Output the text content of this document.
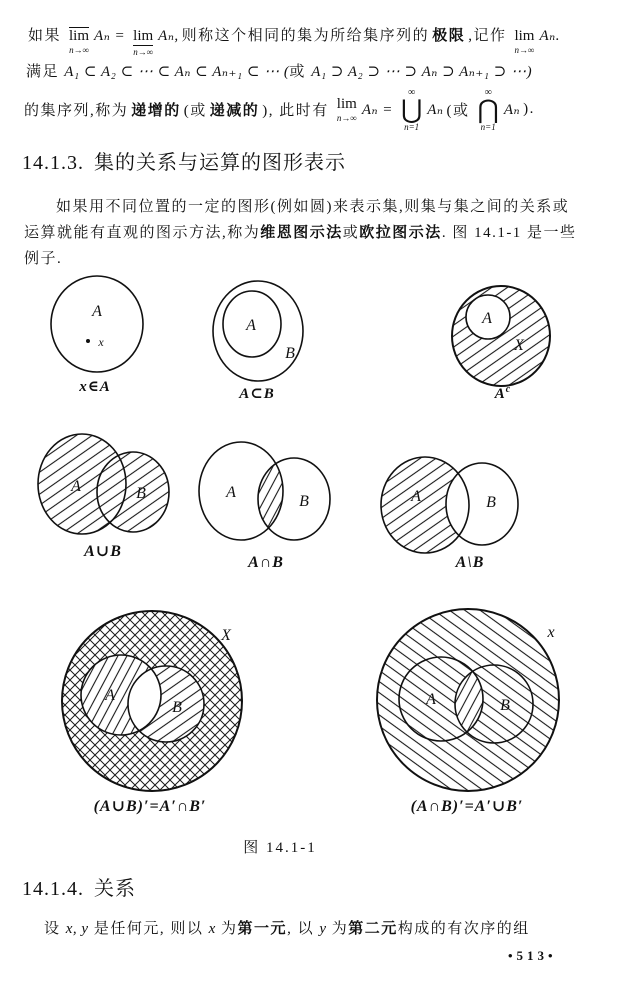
如果 lim
n→∞
Aₙ = lim
n→∞
Aₙ, 则称这个相同的集为所给集序列的 极限 ,记作 lim
n→∞
Aₙ.
满足 A₁ ⊂ A₂ ⊂ ⋯ ⊂ Aₙ ⊂ Aₙ₊₁ ⊂ ⋯ (或 A₁ ⊃ A₂ ⊃ ⋯ ⊃ Aₙ ⊃ Aₙ₊₁ ⊃ ⋯)
的集序列,称为 递增的 (或 递减的 ), 此时有 lim
n→∞ Aₙ =
∞
⋃
n=1
Aₙ (或
∞
⋂
n=1
Aₙ ).
14.1.3. 集的关系与运算的图形表示
如果用不同位置的一定的图形(例如圆)来表示集,则集与集之间的关系或
运算就能有直观的图示方法,称为维恩图示法或欧拉图示法. 图 14.1-1 是一些
例子.
A
x
x∈A
A
B
A⊂B
A
X
$A^c$
A	B
A∪B
A
B
A∩B
A	B
A\B
A
B
X
(A∪B)′=A′∩B′
A	B
x
(A∩B)′=A′∪B′
图 14.1-1
14.1.4. 关系
设 x, y 是任何元, 则以 x 为第一元, 以 y 为第二元构成的有次序的组
•513•
